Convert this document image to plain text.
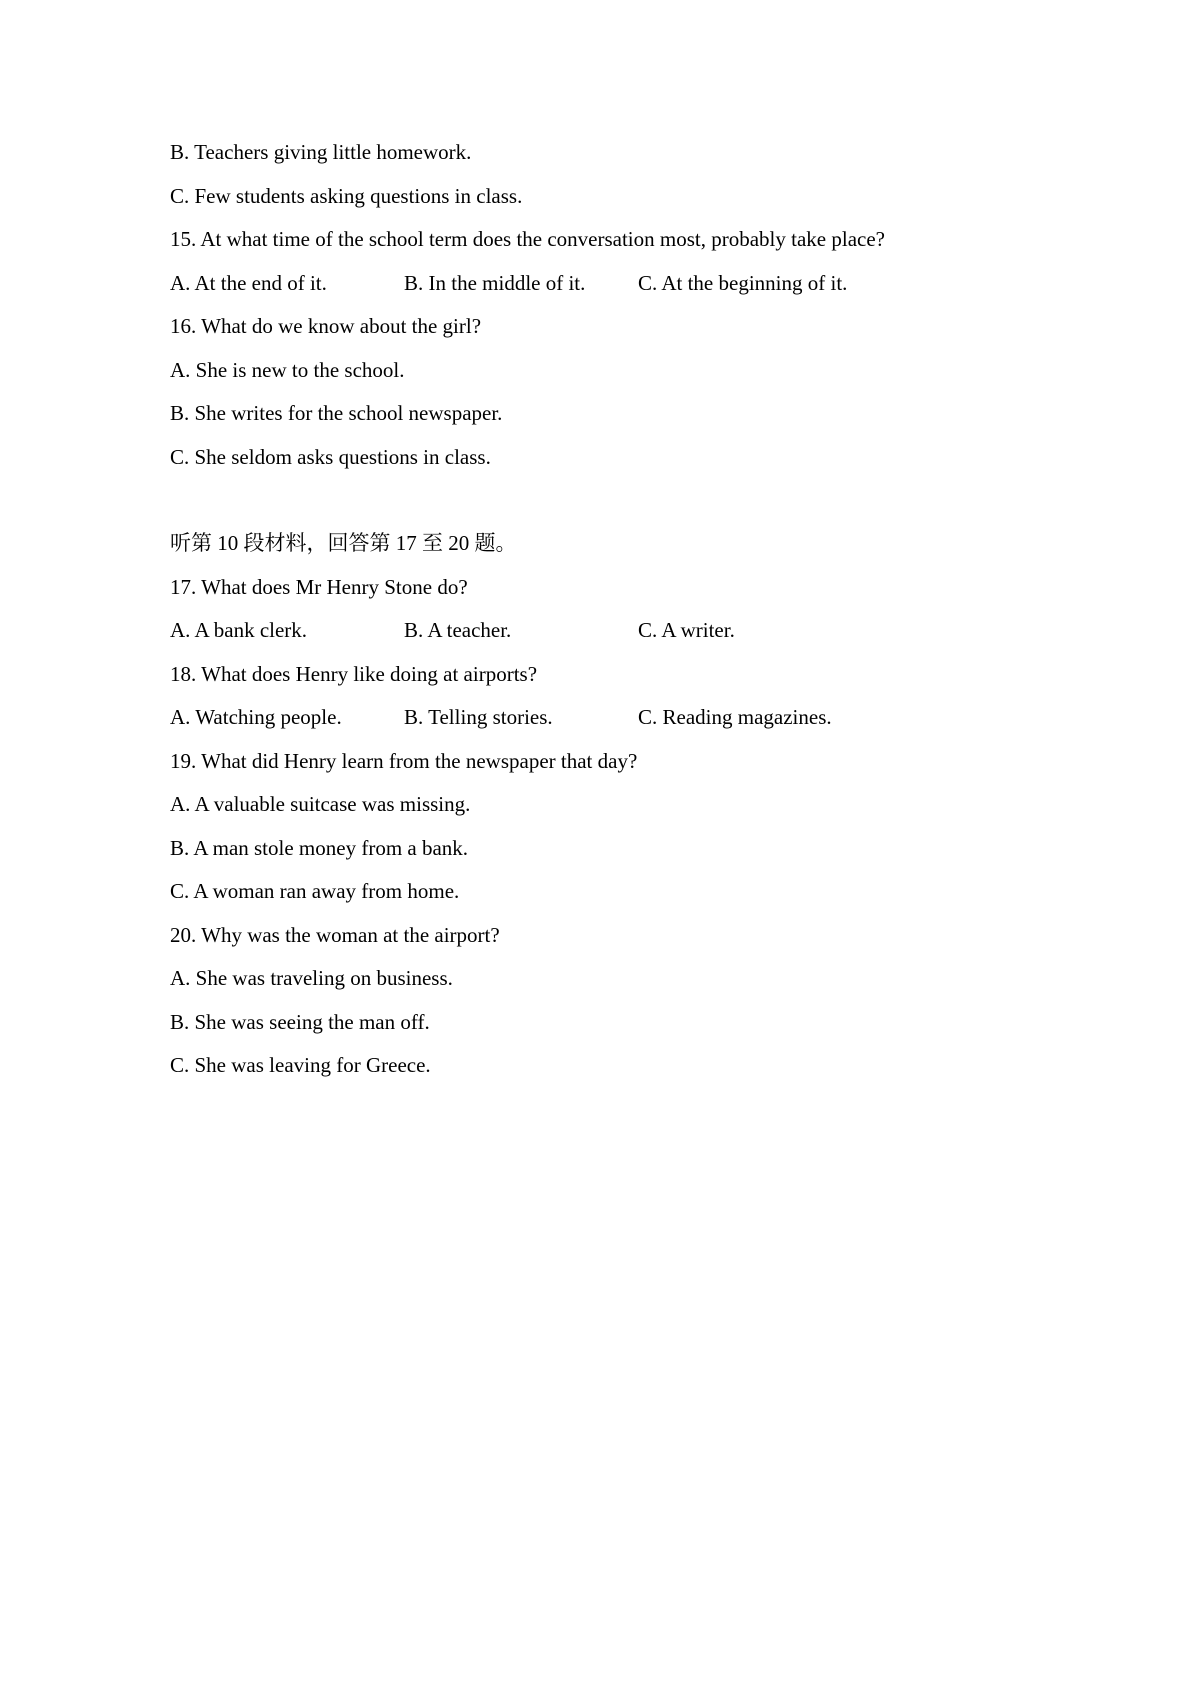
B. Teachers giving little homework.
C. Few students asking questions in class.
15. At what time of the school term does the conversation most, probably take place?
A. At the end of it.	B. In the middle of it.	C. At the beginning of it.
16. What do we know about the girl?
A. She is new to the school.
B. She writes for the school newspaper.
C. She seldom asks questions in class.
听第 10 段材料，回答第 17 至 20 题。
17. What does Mr Henry Stone do?
A. A bank clerk.	B. A teacher.	C. A writer.
18. What does Henry like doing at airports?
A. Watching people.	B. Telling stories.	C. Reading magazines.
19. What did Henry learn from the newspaper that day?
A. A valuable suitcase was missing.
B. A man stole money from a bank.
C. A woman ran away from home.
20. Why was the woman at the airport?
A. She was traveling on business.
B. She was seeing the man off.
C. She was leaving for Greece.
